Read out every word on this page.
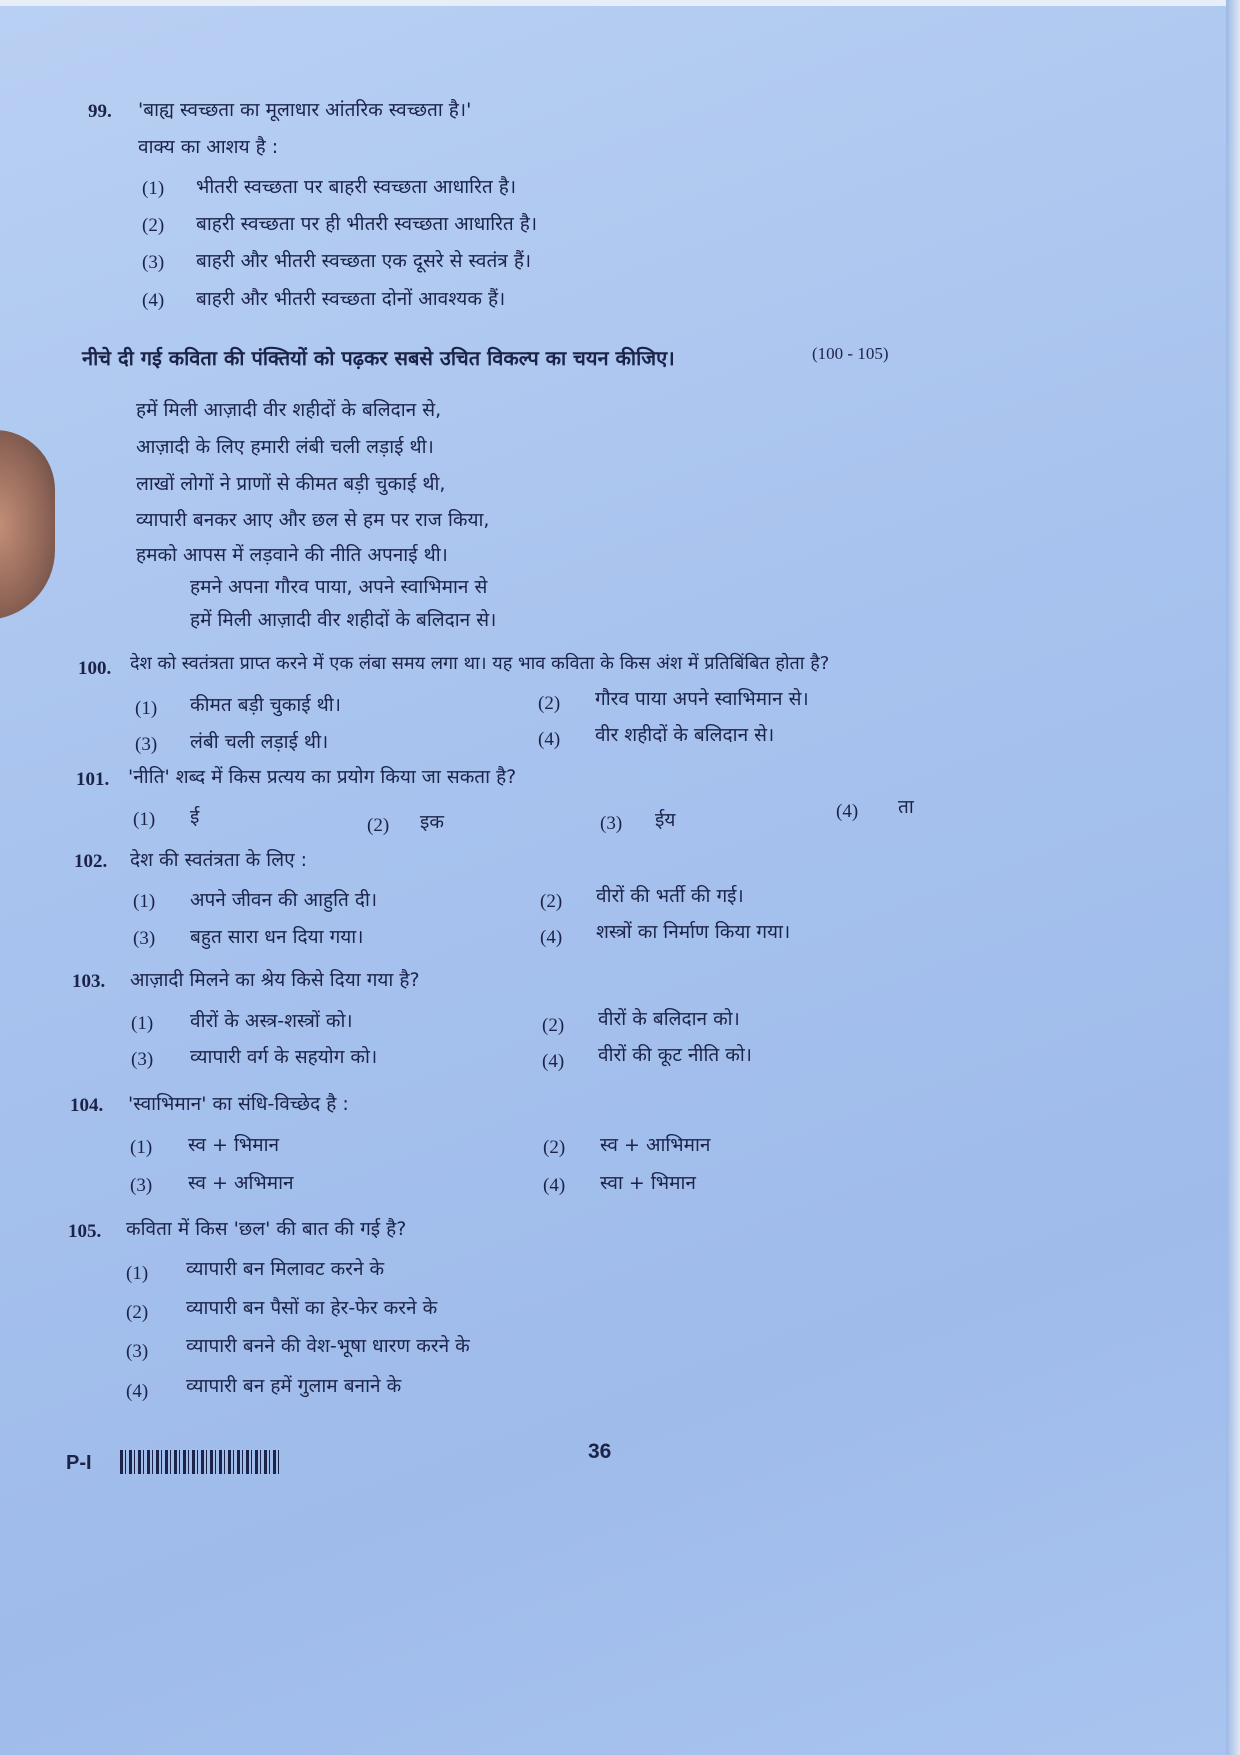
99. 'बाह्य स्वच्छता का मूलाधार आंतरिक स्वच्छता है।'
वाक्य का आशय है :
(1) भीतरी स्वच्छता पर बाहरी स्वच्छता आधारित है।
(2) बाहरी स्वच्छता पर ही भीतरी स्वच्छता आधारित है।
(3) बाहरी और भीतरी स्वच्छता एक दूसरे से स्वतंत्र हैं।
(4) बाहरी और भीतरी स्वच्छता दोनों आवश्यक हैं।
नीचे दी गई कविता की पंक्तियों को पढ़कर सबसे उचित विकल्प का चयन कीजिए।	(100 - 105)
हमें मिली आज़ादी वीर शहीदों के बलिदान से,
आज़ादी के लिए हमारी लंबी चली लड़ाई थी।
लाखों लोगों ने प्राणों से कीमत बड़ी चुकाई थी,
व्यापारी बनकर आए और छल से हम पर राज किया,
हमको आपस में लड़वाने की नीति अपनाई थी।
हमने अपना गौरव पाया, अपने स्वाभिमान से
हमें मिली आज़ादी वीर शहीदों के बलिदान से।
100. देश को स्वतंत्रता प्राप्त करने में एक लंबा समय लगा था। यह भाव कविता के किस अंश में प्रतिबिंबित होता है?
(1) कीमत बड़ी चुकाई थी।	(2) गौरव पाया अपने स्वाभिमान से।
(3) लंबी चली लड़ाई थी।	(4) वीर शहीदों के बलिदान से।
101. 'नीति' शब्द में किस प्रत्यय का प्रयोग किया जा सकता है?
(1) ई	(2) इक	(3) ईय	(4) ता
102. देश की स्वतंत्रता के लिए :
(1) अपने जीवन की आहुति दी।	(2) वीरों की भर्ती की गई।
(3) बहुत सारा धन दिया गया।	(4) शस्त्रों का निर्माण किया गया।
103. आज़ादी मिलने का श्रेय किसे दिया गया है?
(1) वीरों के अस्त्र-शस्त्रों को।	(2) वीरों के बलिदान को।
(3) व्यापारी वर्ग के सहयोग को।	(4) वीरों की कूट नीति को।
104. 'स्वाभिमान' का संधि-विच्छेद है :
(1) स्व + भिमान	(2) स्व + आभिमान
(3) स्व + अभिमान	(4) स्वा + भिमान
105. कविता में किस 'छल' की बात की गई है?
(1) व्यापारी बन मिलावट करने के
(2) व्यापारी बन पैसों का हेर-फेर करने के
(3) व्यापारी बनने की वेश-भूषा धारण करने के
(4) व्यापारी बन हमें गुलाम बनाने के
P-I	36
